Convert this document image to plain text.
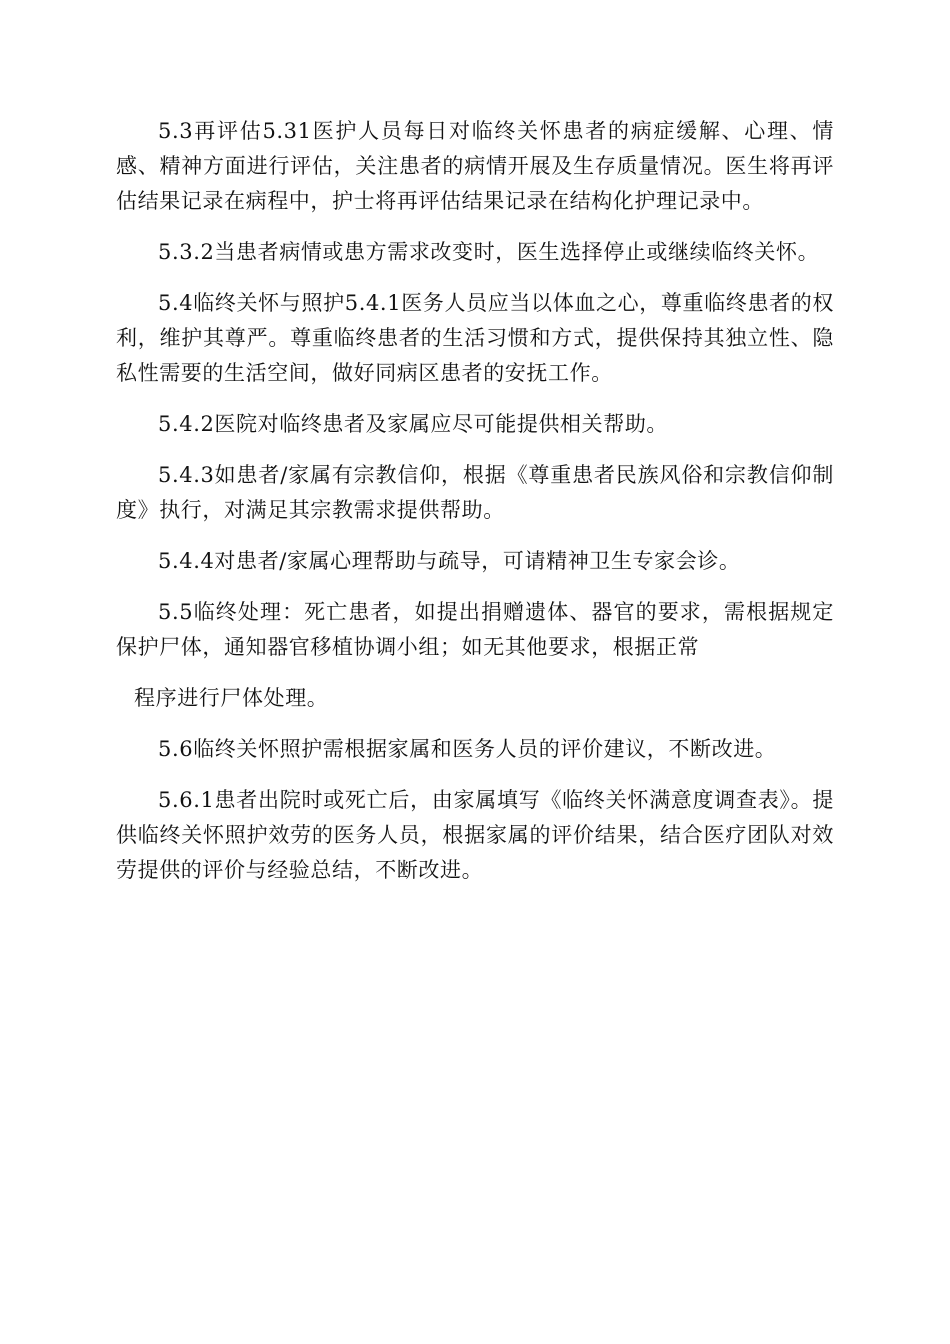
5.3再评估5.31医护人员每日对临终关怀患者的病症缓解、心理、情感、精神方面进行评估，关注患者的病情开展及生存质量情况。医生将再评估结果记录在病程中，护士将再评估结果记录在结构化护理记录中。

5.3.2当患者病情或患方需求改变时，医生选择停止或继续临终关怀。

5.4临终关怀与照护5.4.1医务人员应当以体血之心，尊重临终患者的权利，维护其尊严。尊重临终患者的生活习惯和方式，提供保持其独立性、隐私性需要的生活空间，做好同病区患者的安抚工作。

5.4.2医院对临终患者及家属应尽可能提供相关帮助。

5.4.3如患者/家属有宗教信仰，根据《尊重患者民族风俗和宗教信仰制度》执行，对满足其宗教需求提供帮助。

5.4.4对患者/家属心理帮助与疏导，可请精神卫生专家会诊。

5.5临终处理：死亡患者，如提出捐赠遗体、器官的要求，需根据规定保护尸体，通知器官移植协调小组；如无其他要求，根据正常

程序进行尸体处理。

5.6临终关怀照护需根据家属和医务人员的评价建议，不断改进。

5.6.1患者出院时或死亡后，由家属填写《临终关怀满意度调查表》。提供临终关怀照护效劳的医务人员，根据家属的评价结果，结合医疗团队对效劳提供的评价与经验总结，不断改进。
